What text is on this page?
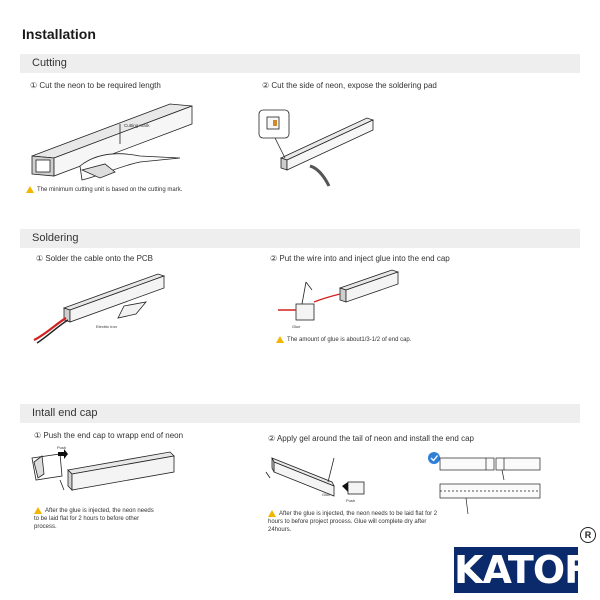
Installation
Cutting
① Cut the neon to be required length	② Cut the side of neon, expose the soldering pad
Cutting mark
The minimum cutting unit is based on the cutting mark.
Soldering
① Solder the cable onto the PCB	② Put the wire into and inject glue into the end cap
Electric iron	Glue
The amount of glue is about1/3-1/2 of end cap.
Intall end cap
① Push the end cap to wrapp end of neon	② Apply gel around the tail of neon and install the end cap
Push
After the glue is injected, the neon needs to be laid flat for 2 hours to before other process.
Glue
Push
After the glue is injected, the neon needs to be laid flat for 2 hours to before project process. Glue will complete dry after 24hours.
KATOF
R
